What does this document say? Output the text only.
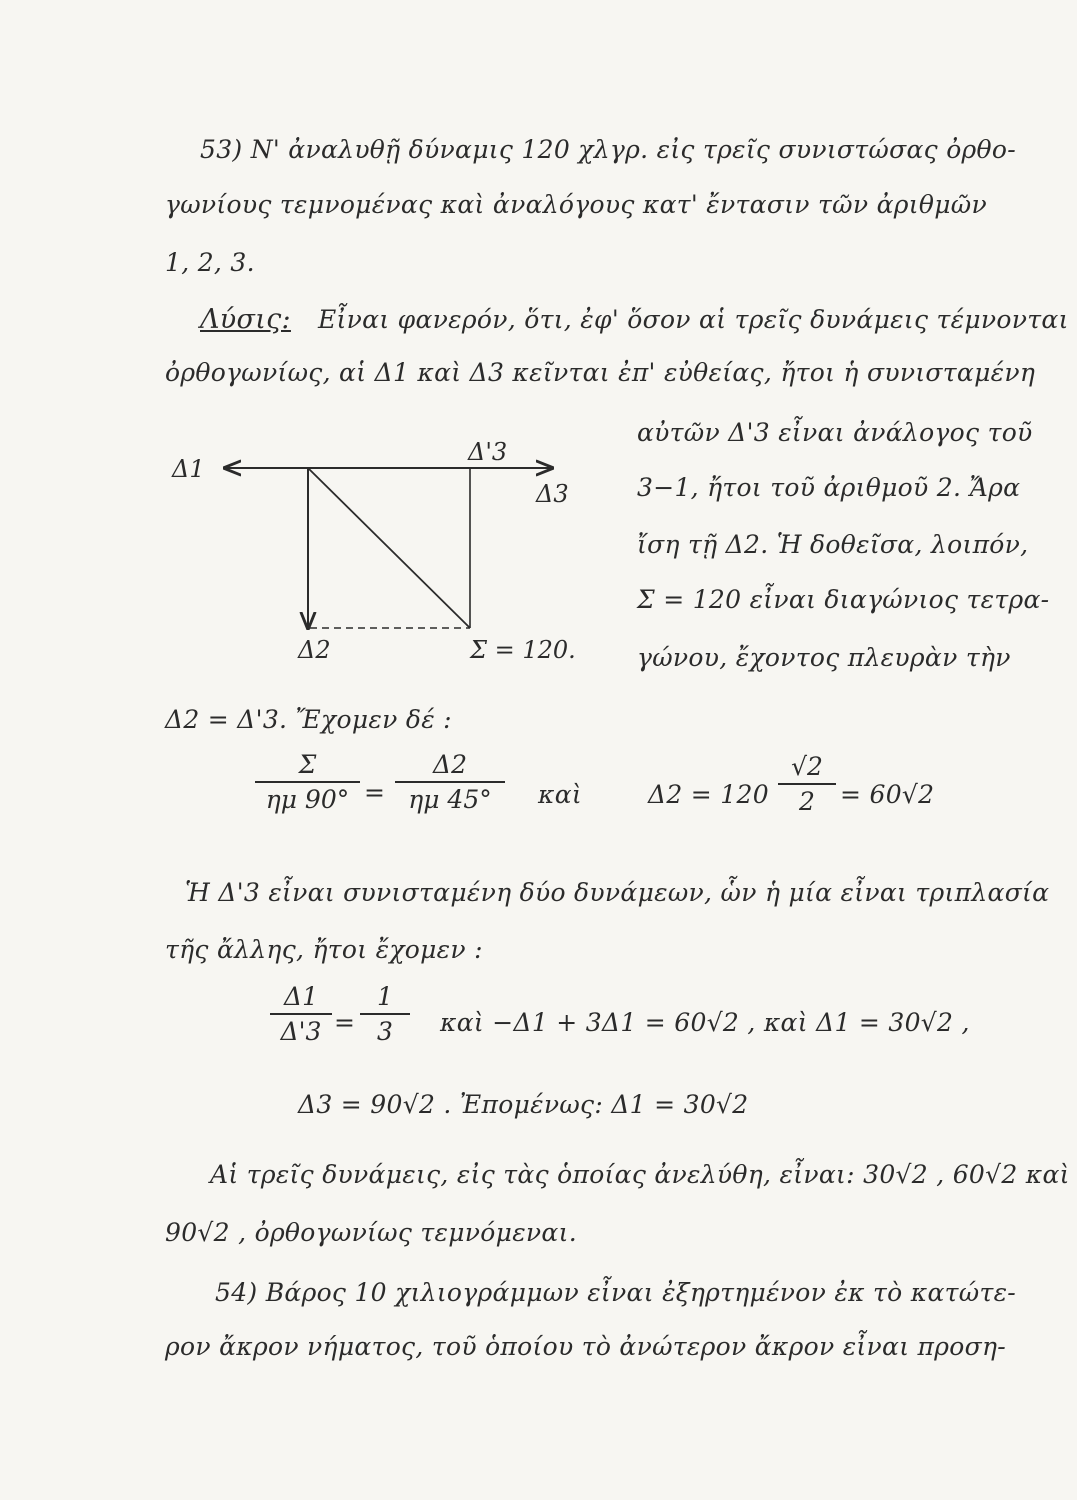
53) Ν' ἀναλυθῇ δύναμις 120 χλγρ. εἰς τρεῖς συνιστώσας ὀρθο-
γωνίους τεμνομένας καὶ ἀναλόγους κατ' ἔντασιν τῶν ἀριθμῶν
1, 2, 3.
Λύσις: Εἶναι φανερόν, ὅτι, ἐφ' ὅσον αἱ τρεῖς δυνάμεις τέμνονται
ὀρθογωνίως, αἱ Δ1 καὶ Δ3 κεῖνται ἐπ' εὐθείας, ἤτοι ἡ συνισταμένη
αὐτῶν Δ'3 εἶναι ἀνάλογος τοῦ
3−1, ἤτοι τοῦ ἀριθμοῦ 2. Ἄρα
ἴση τῇ Δ2. Ἡ δοθεῖσα, λοιπόν,
Σ = 120 εἶναι διαγώνιος τετρα-
γώνου, ἔχοντος πλευρὰν τὴν
Δ1
Δ'3
Δ3
Δ2	Σ = 120.
Δ2 = Δ'3. Ἔχομεν δέ :
Σ
ημ 90° =
Δ2
ημ 45°	καὶ	Δ2 = 120
√2
2	= 60√2
Ἡ Δ'3 εἶναι συνισταμένη δύο δυνάμεων, ὧν ἡ μία εἶναι τριπλασία
τῆς ἄλλης, ἤτοι ἔχομεν :
Δ1
Δ'3 =
1
3	καὶ −Δ1 + 3Δ1 = 60√2 , καὶ Δ1 = 30√2 ,
Δ3 = 90√2 . Ἐπομένως: Δ1 = 30√2
Αἱ τρεῖς δυνάμεις, εἰς τὰς ὁποίας ἀνελύθη, εἶναι: 30√2 , 60√2 καὶ
90√2 , ὀρθογωνίως τεμνόμεναι.
54) Βάρος 10 χιλιογράμμων εἶναι ἐξηρτημένον ἐκ τὸ κατώτε-
ρον ἄκρον νήματος, τοῦ ὁποίου τὸ ἀνώτερον ἄκρον εἶναι προση-
